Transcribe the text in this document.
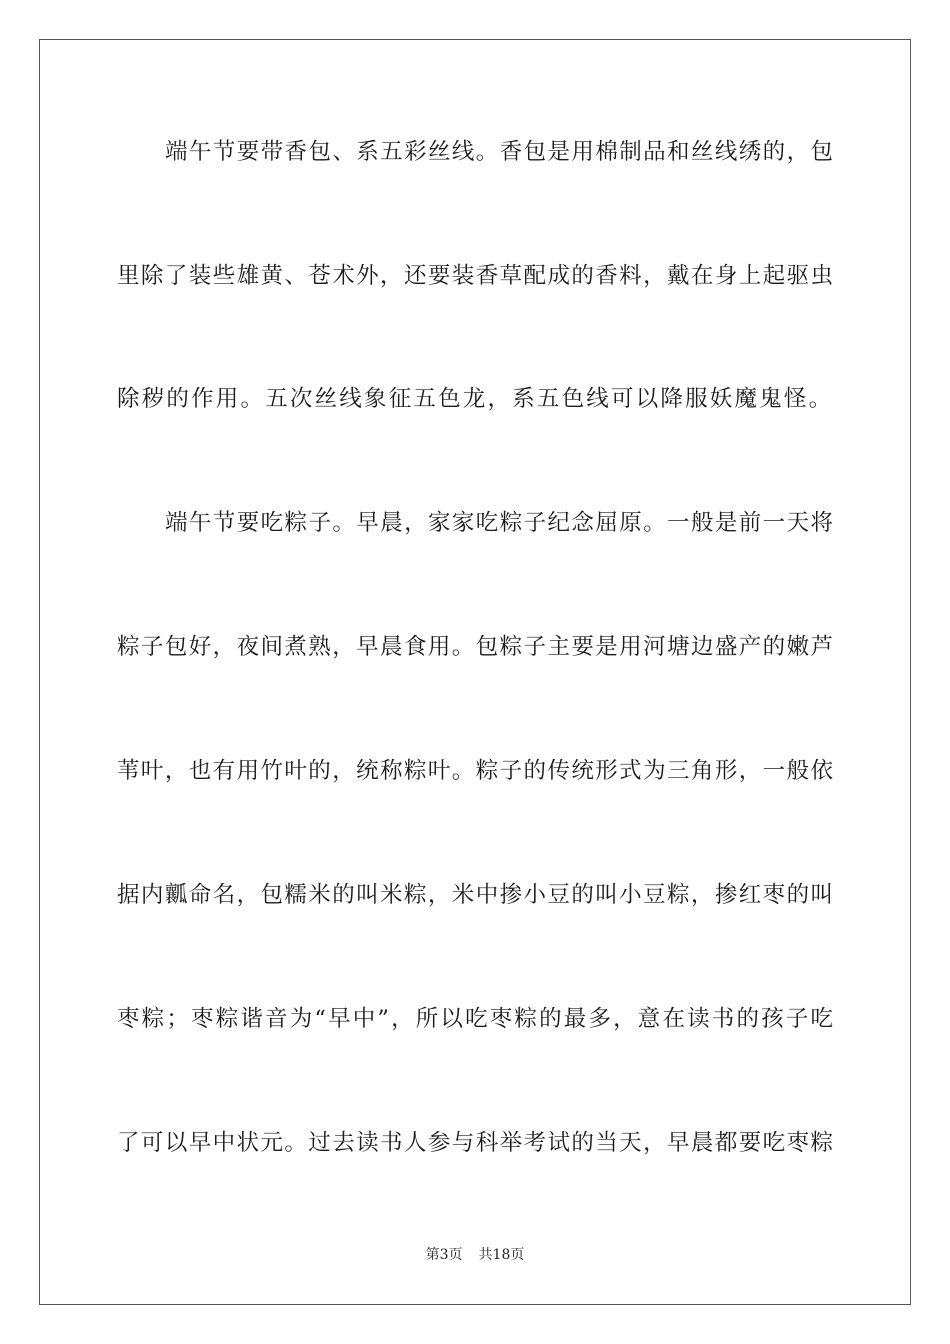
端午节要带香包、系五彩丝线。香包是用棉制品和丝线绣的，包
里除了装些雄黄、苍术外，还要装香草配成的香料，戴在身上起驱虫
除秽的作用。五次丝线象征五色龙，系五色线可以降服妖魔鬼怪。
端午节要吃粽子。早晨，家家吃粽子纪念屈原。一般是前一天将
粽子包好，夜间煮熟，早晨食用。包粽子主要是用河塘边盛产的嫩芦
苇叶，也有用竹叶的，统称粽叶。粽子的传统形式为三角形，一般依
据内瓤命名，包糯米的叫米粽，米中掺小豆的叫小豆粽，掺红枣的叫
枣粽；枣粽谐音为“早中”，所以吃枣粽的最多，意在读书的孩子吃
了可以早中状元。过去读书人参与科举考试的当天，早晨都要吃枣粽
第3页 共18页
